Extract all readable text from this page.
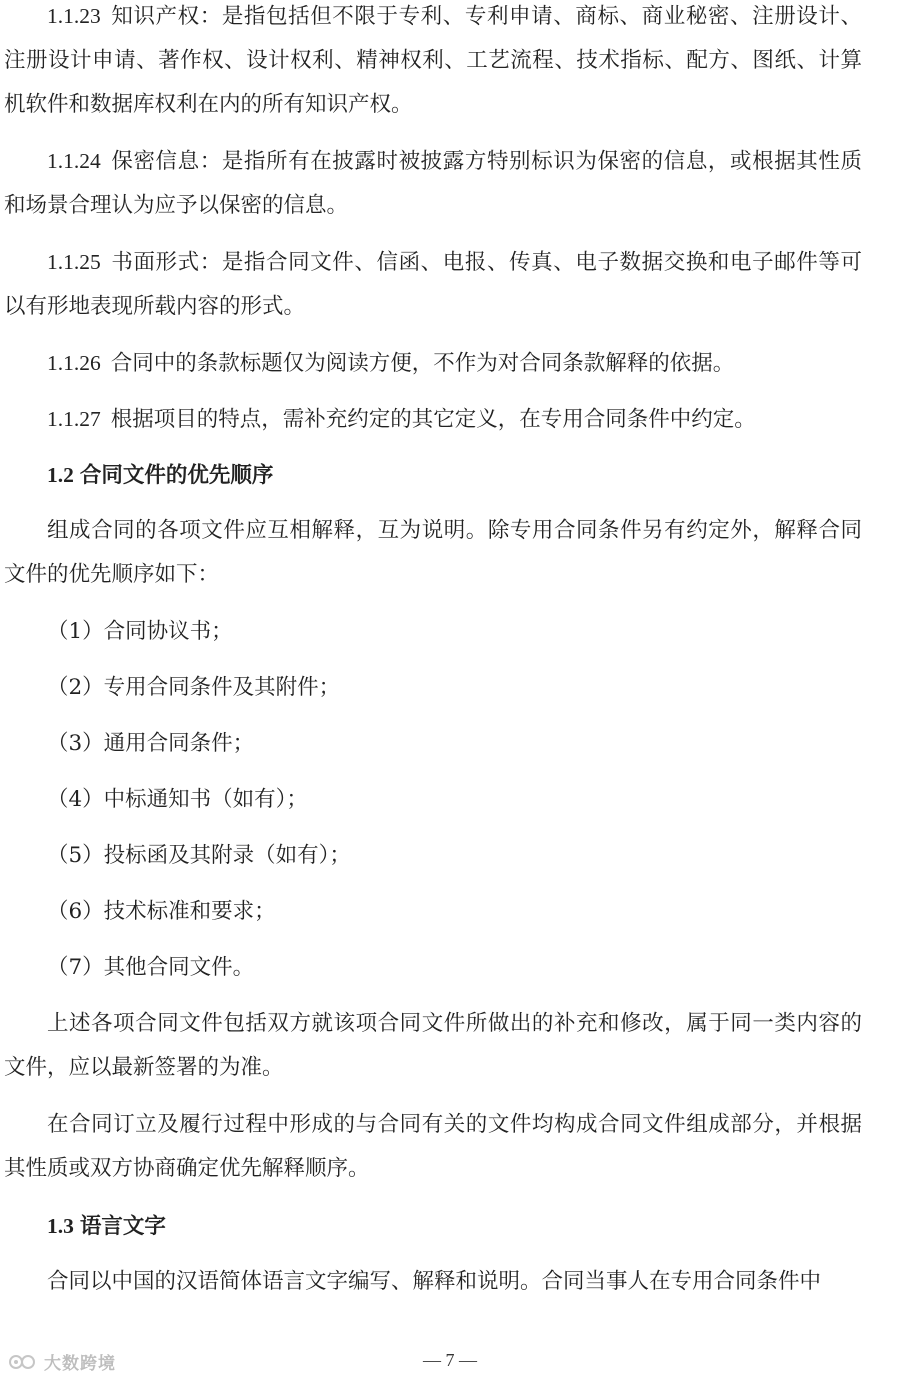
1.1.23 知识产权：是指包括但不限于专利、专利申请、商标、商业秘密、注册设计、注册设计申请、著作权、设计权利、精神权利、工艺流程、技术指标、配方、图纸、计算机软件和数据库权利在内的所有知识产权。

1.1.24 保密信息：是指所有在披露时被披露方特别标识为保密的信息，或根据其性质和场景合理认为应予以保密的信息。

1.1.25 书面形式：是指合同文件、信函、电报、传真、电子数据交换和电子邮件等可以有形地表现所载内容的形式。

1.1.26 合同中的条款标题仅为阅读方便，不作为对合同条款解释的依据。

1.1.27 根据项目的特点，需补充约定的其它定义，在专用合同条件中约定。

1.2 合同文件的优先顺序

组成合同的各项文件应互相解释，互为说明。除专用合同条件另有约定外，解释合同文件的优先顺序如下：

（1）合同协议书；

（2）专用合同条件及其附件；

（3）通用合同条件；

（4）中标通知书（如有）；

（5）投标函及其附录（如有）；

（6）技术标准和要求；

（7）其他合同文件。

上述各项合同文件包括双方就该项合同文件所做出的补充和修改，属于同一类内容的文件，应以最新签署的为准。

在合同订立及履行过程中形成的与合同有关的文件均构成合同文件组成部分，并根据其性质或双方协商确定优先解释顺序。

1.3 语言文字

合同以中国的汉语简体语言文字编写、解释和说明。合同当事人在专用合同条件中

— 7 —
大数跨境
